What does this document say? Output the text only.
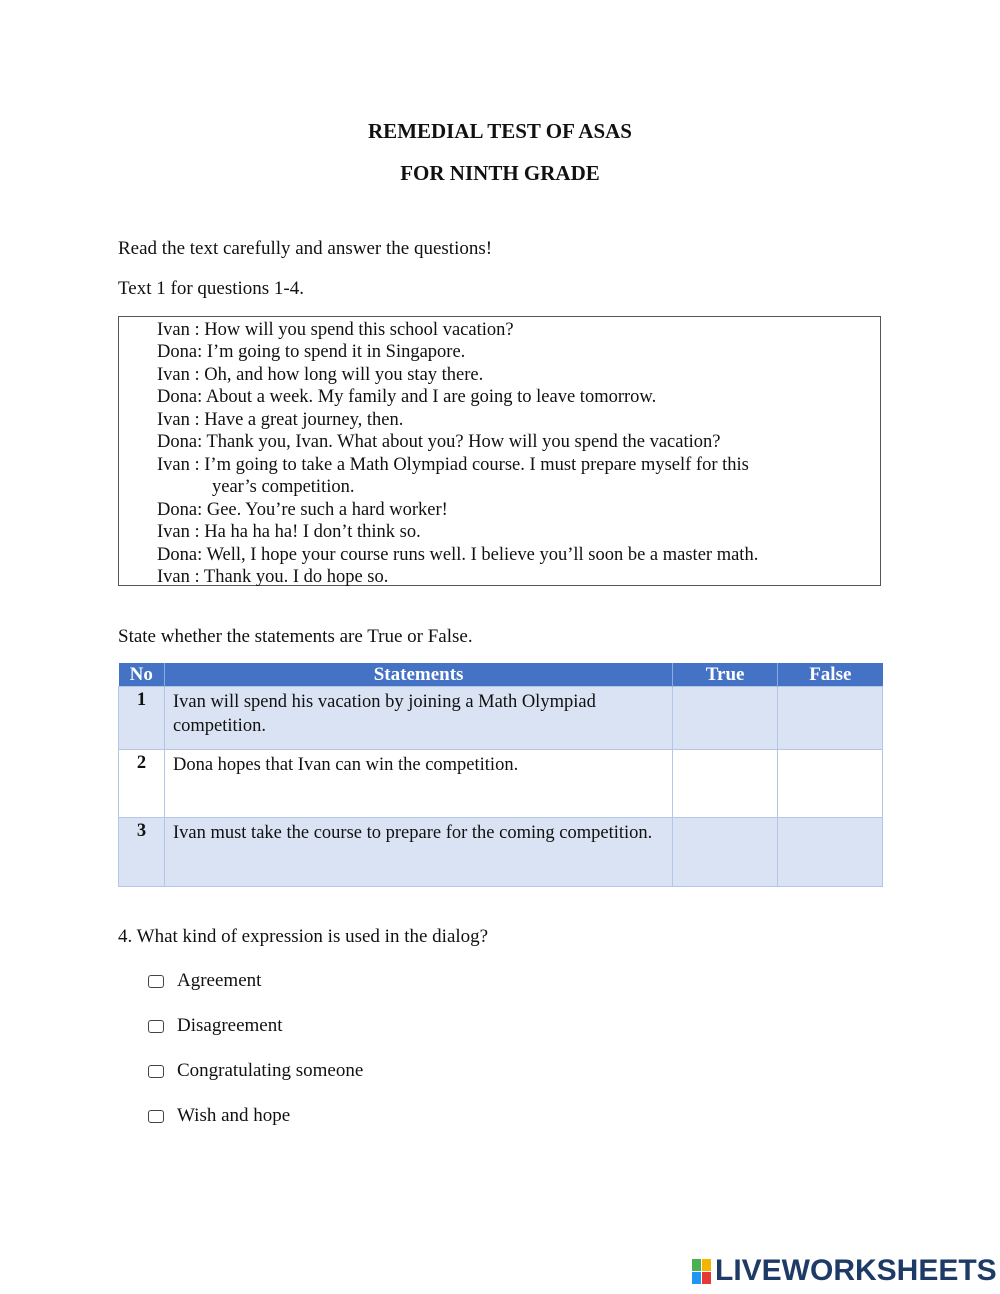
REMEDIAL TEST OF ASAS
FOR NINTH GRADE
Read the text carefully and answer the questions!
Text 1 for questions 1-4.
Ivan : How will you spend this school vacation?
Dona: I’m going to spend it in Singapore.
Ivan : Oh, and how long will you stay there.
Dona: About a week. My family and I are going to leave tomorrow.
Ivan : Have a great journey, then.
Dona: Thank you, Ivan. What about you? How will you spend the vacation?
Ivan : I’m going to take a Math Olympiad course. I must prepare myself for this
year’s competition.
Dona: Gee. You’re such a hard worker!
Ivan : Ha ha ha ha! I don’t think so.
Dona: Well, I hope your course runs well. I believe you’ll soon be a master math.
Ivan : Thank you. I do hope so.
State whether the statements are True or False.
No	Statements	True	False
1	Ivan will spend his vacation by joining a Math Olympiad competition.		
2	Dona hopes that Ivan can win the competition.		
3	Ivan must take the course to prepare for the coming competition.		
4. What kind of expression is used in the dialog?
Agreement
Disagreement
Congratulating someone
Wish and hope
LIVEWORKSHEETS
